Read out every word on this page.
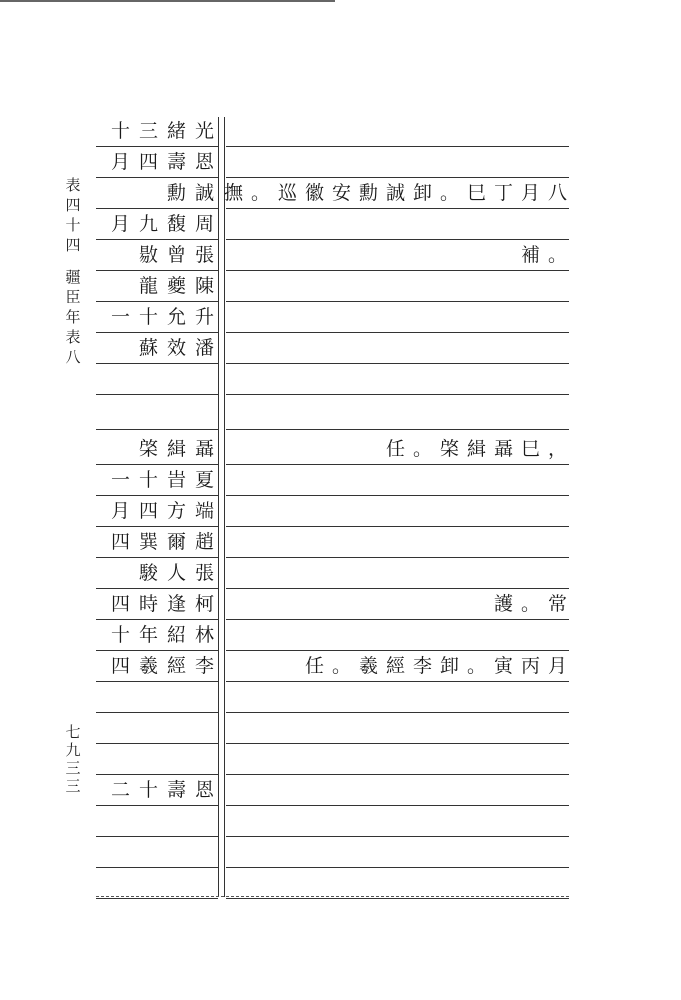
表四十四
疆臣年表八
七九三三
十三緒光
月四壽恩
勳誠 撫。巡徽安勳誠卸。巳丁月八
月九馥周
敭曾張	補。
龍夔陳
一十允升
蘇效潘
棨緝聶	任。棨緝聶巳，
一十旹夏
月四方端
四巽爾趙
駿人張
四時逢柯	護。常
十年紹林
四羲經李	任。羲經李卸。寅丙月
二十壽恩
